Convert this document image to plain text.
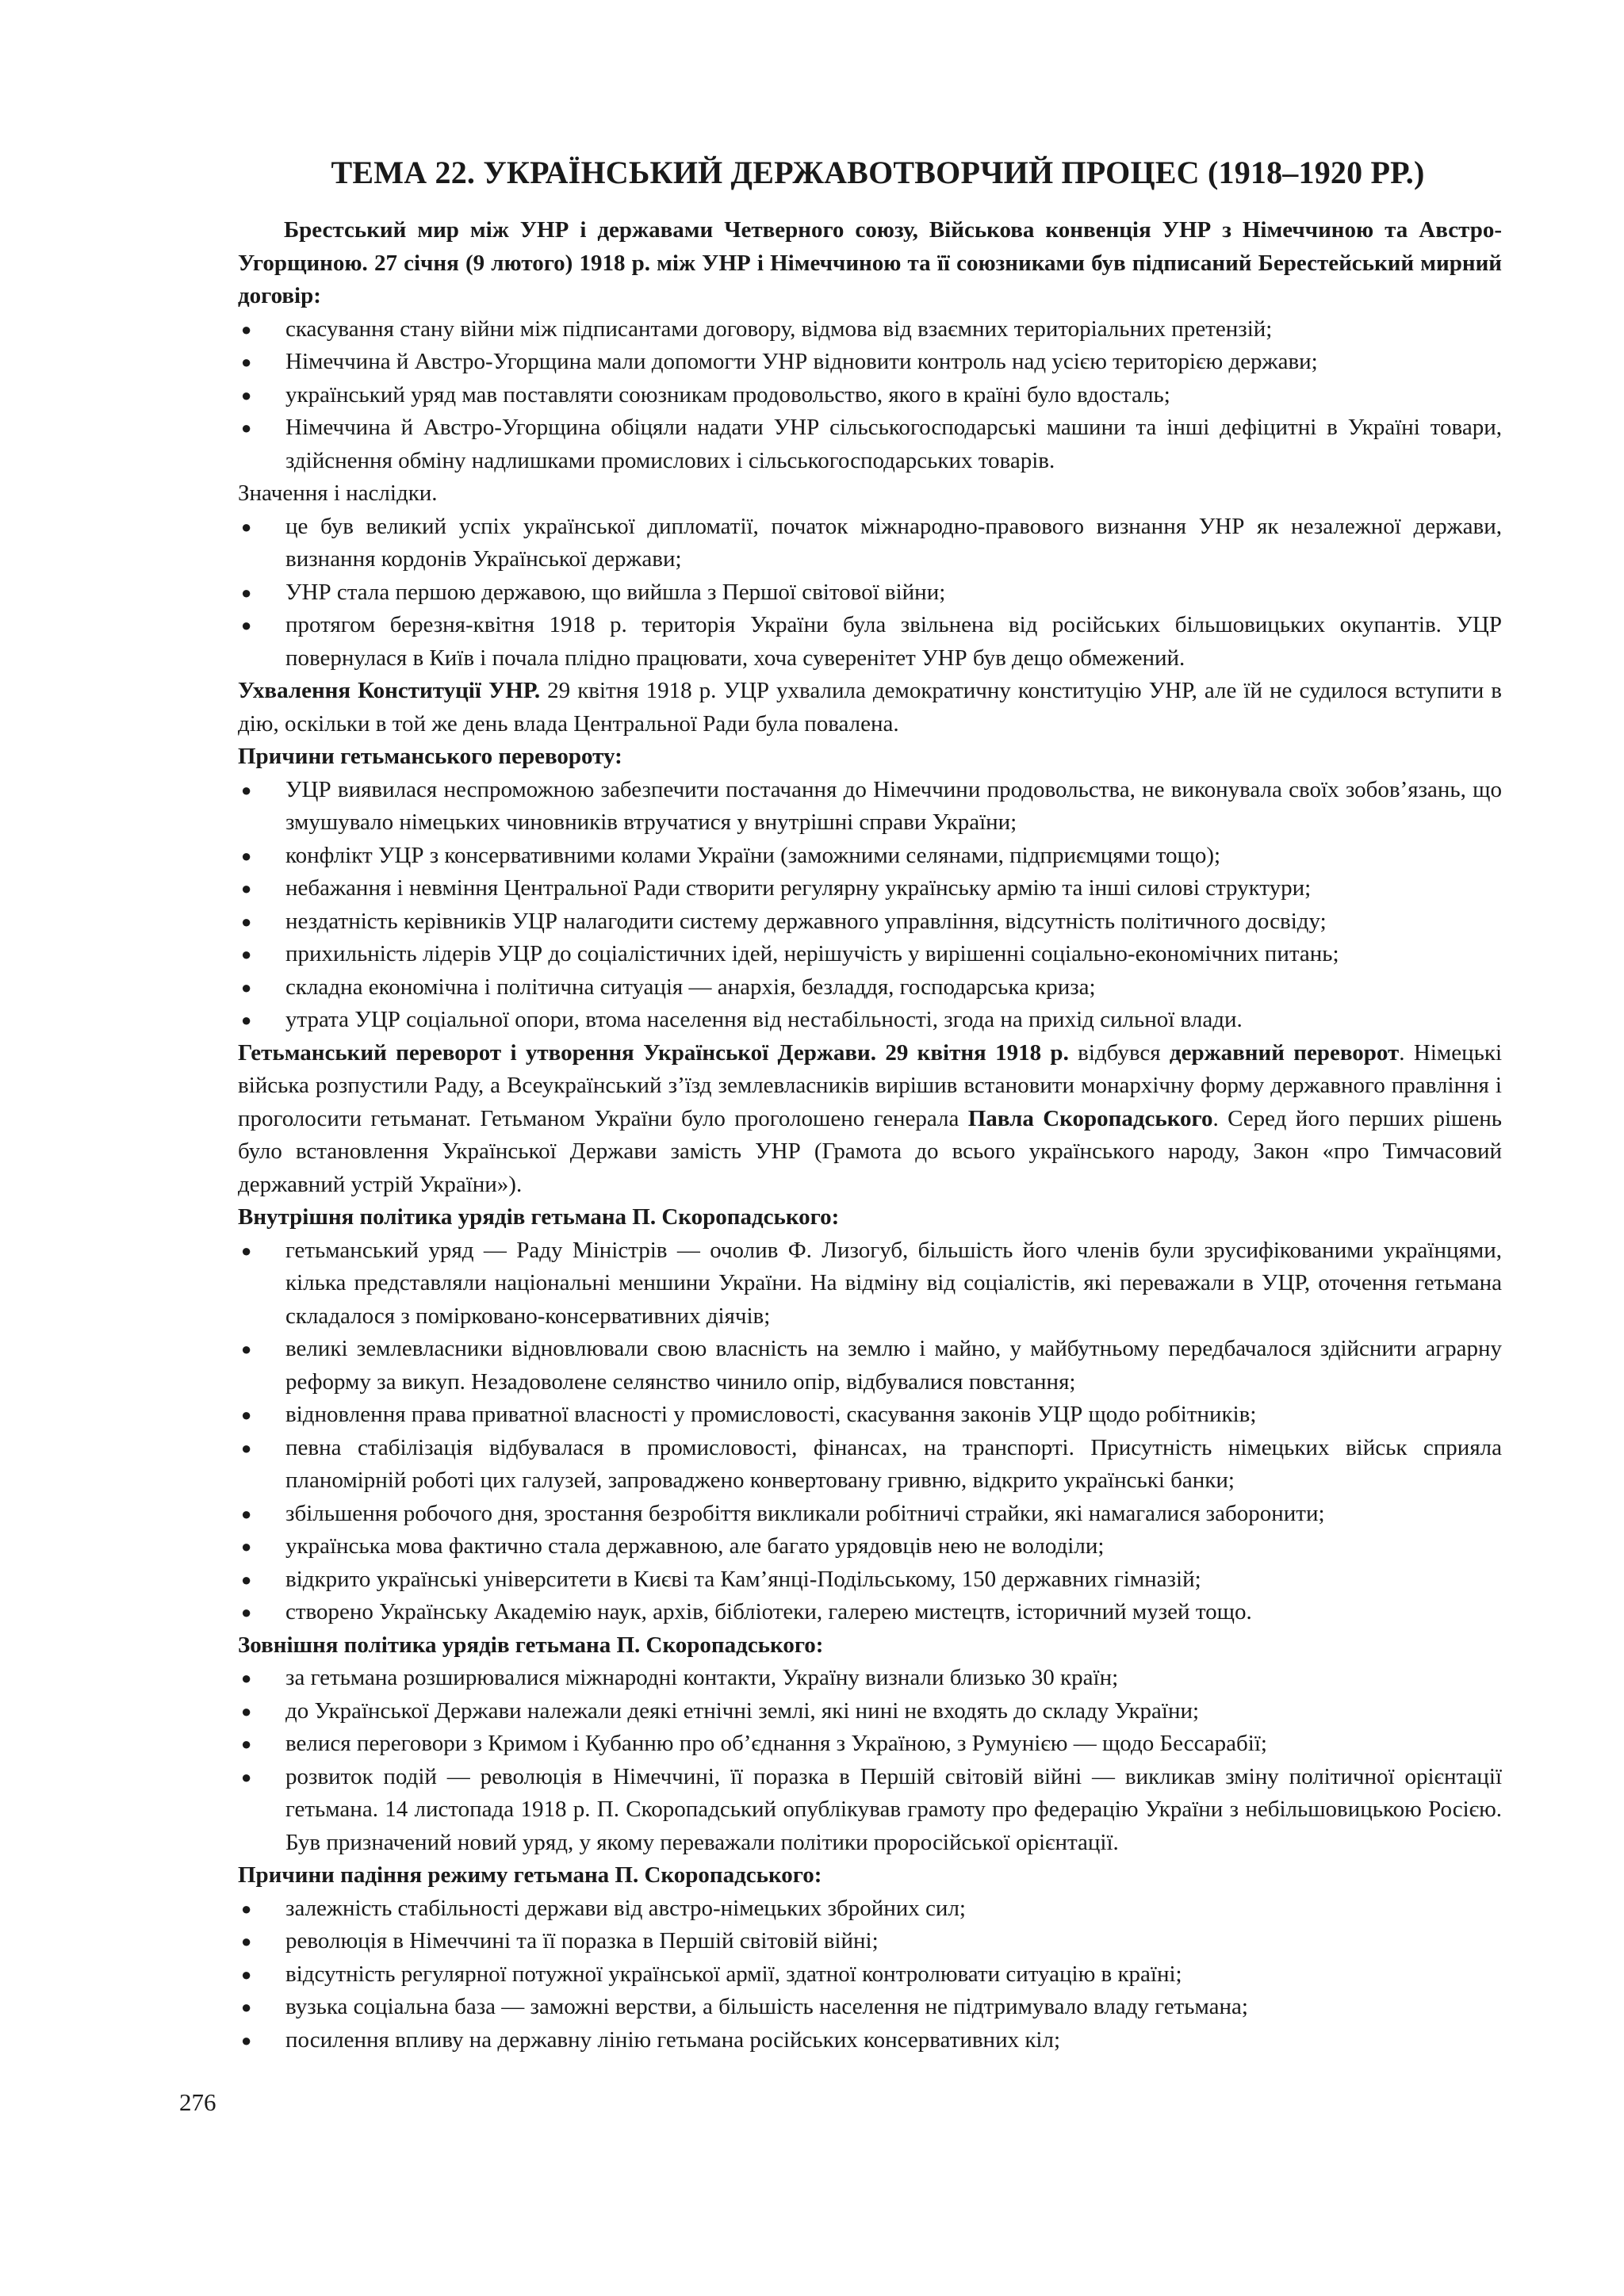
ТЕМА 22. УКРАЇНСЬКИЙ ДЕРЖАВОТВОРЧИЙ ПРОЦЕС (1918–1920 РР.)

Брестський мир між УНР і державами Четверного союзу, Військова конвенція УНР з Німеччиною та Австро-Угорщиною. 27 січня (9 лютого) 1918 р. між УНР і Німеччиною та її союзниками був підписаний Берестейський мирний договір:

● скасування стану війни між підписантами договору, відмова від взаємних територіальних претензій;
● Німеччина й Австро-Угорщина мали допомогти УНР відновити контроль над усією територією держави;
● український уряд мав поставляти союзникам продовольство, якого в країні було вдосталь;
● Німеччина й Австро-Угорщина обіцяли надати УНР сільськогосподарські машини та інші дефіцитні в Україні товари, здійснення обміну надлишками промислових і сільськогосподарських товарів.
Значення і наслідки.
● це був великий успіх української дипломатії, початок міжнародно-правового визнання УНР як незалежної держави, визнання кордонів Української держави;
● УНР стала першою державою, що вийшла з Першої світової війни;
● протягом березня-квітня 1918 р. територія України була звільнена від російських більшовицьких окупантів. УЦР повернулася в Київ і почала плідно працювати, хоча суверенітет УНР був дещо обмежений.

Ухвалення Конституції УНР. 29 квітня 1918 р. УЦР ухвалила демократичну конституцію УНР, але їй не судилося вступити в дію, оскільки в той же день влада Центральної Ради була повалена.

Причини гетьманського перевороту:
● УЦР виявилася неспроможною забезпечити постачання до Німеччини продовольства, не виконувала своїх зобов’язань, що змушувало німецьких чиновників втручатися у внутрішні справи України;
● конфлікт УЦР з консервативними колами України (заможними селянами, підприємцями тощо);
● небажання і невміння Центральної Ради створити регулярну українську армію та інші силові структури;
● нездатність керівників УЦР налагодити систему державного управління, відсутність політичного досвіду;
● прихильність лідерів УЦР до соціалістичних ідей, нерішучість у вирішенні соціально-економічних питань;
● складна економічна і політична ситуація — анархія, безладдя, господарська криза;
● утрата УЦР соціальної опори, втома населення від нестабільності, згода на прихід сильної влади.

Гетьманський переворот і утворення Української Держави. 29 квітня 1918 р. відбувся державний переворот. Німецькі війська розпустили Раду, а Всеукраїнський з’їзд землевласників вирішив встановити монархічну форму державного правління і проголосити гетьманат. Гетьманом України було проголошено генерала Павла Скоропадського. Серед його перших рішень було встановлення Української Держави замість УНР (Грамота до всього українського народу, Закон «про Тимчасовий державний устрій України»).

Внутрішня політика урядів гетьмана П. Скоропадського:
● гетьманський уряд — Раду Міністрів — очолив Ф. Лизогуб, більшість його членів були зрусифікованими українцями, кілька представляли національні меншини України. На відміну від соціалістів, які переважали в УЦР, оточення гетьмана складалося з поміркованo-консервативних діячів;
● великі землевласники відновлювали свою власність на землю і майно, у майбутньому передбачалося здійснити аграрну реформу за викуп. Незадоволене селянство чинило опір, відбувалися повстання;
● відновлення права приватної власності у промисловості, скасування законів УЦР щодо робітників;
● певна стабілізація відбувалася в промисловості, фінансах, на транспорті. Присутність німецьких військ сприяла планомірній роботі цих галузей, запроваджено конвертовану гривню, відкрито українські банки;
● збільшення робочого дня, зростання безробіття викликали робітничі страйки, які намагалися заборонити;
● українська мова фактично стала державною, але багато урядовців нею не володіли;
● відкрито українські університети в Києві та Кам’янці-Подільському, 150 державних гімназій;
● створено Українську Академію наук, архів, бібліотеки, галерею мистецтв, історичний музей тощо.
Зовнішня політика урядів гетьмана П. Скоропадського:
● за гетьмана розширювалися міжнародні контакти, Україну визнали близько 30 країн;
● до Української Держави належали деякі етнічні землі, які нині не входять до складу України;
● велися переговори з Кримом і Кубанню про об’єднання з Україною, з Румунією — щодо Бессарабії;
● розвиток подій — революція в Німеччині, її поразка в Першій світовій війні — викликав зміну політичної орієнтації гетьмана. 14 листопада 1918 р. П. Скоропадський опублікував грамоту про федерацію України з небільшовицькою Росією. Був призначений новий уряд, у якому переважали політики проросійської орієнтації.
Причини падіння режиму гетьмана П. Скоропадського:
● залежність стабільності держави від австро-німецьких збройних сил;
● революція в Німеччині та її поразка в Першій світовій війні;
● відсутність регулярної потужної української армії, здатної контролювати ситуацію в країні;
● вузька соціальна база — заможні верстви, а більшість населення не підтримувало владу гетьмана;
● посилення впливу на державну лінію гетьмана російських консервативних кіл;
276
